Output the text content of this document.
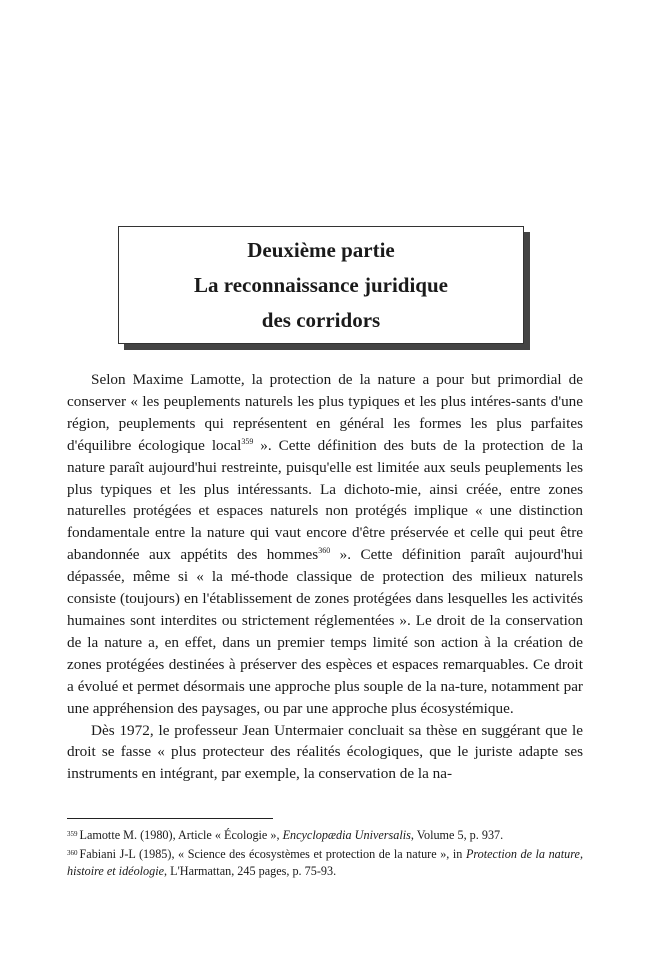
Deuxième partie
La reconnaissance juridique
des corridors

Selon Maxime Lamotte, la protection de la nature a pour but primordial de conserver « les peuplements naturels les plus typiques et les plus intéres-sants d'une région, peuplements qui représentent en général les formes les plus parfaites d'équilibre écologique local$^{359}$ ». Cette définition des buts de la protection de la nature paraît aujourd'hui restreinte, puisqu'elle est limitée aux seuls peuplements les plus typiques et les plus intéressants. La dichoto-mie, ainsi créée, entre zones naturelles protégées et espaces naturels non protégés implique « une distinction fondamentale entre la nature qui vaut encore d'être préservée et celle qui peut être abandonnée aux appétits des hommes$^{360}$ ». Cette définition paraît aujourd'hui dépassée, même si « la mé-thode classique de protection des milieux naturels consiste (toujours) en l'établissement de zones protégées dans lesquelles les activités humaines sont interdites ou strictement réglementées ». Le droit de la conservation de la nature a, en effet, dans un premier temps limité son action à la création de zones protégées destinées à préserver des espèces et espaces remarquables. Ce droit a évolué et permet désormais une approche plus souple de la na-ture, notamment par une appréhension des paysages, ou par une approche plus écosystémique.

Dès 1972, le professeur Jean Untermaier concluait sa thèse en suggérant que le droit se fasse « plus protecteur des réalités écologiques, que le juriste adapte ses instruments en intégrant, par exemple, la conservation de la na-

$^{359}$ Lamotte M. (1980), Article « Écologie », Encyclopædia Universalis, Volume 5, p. 937.

$^{360}$ Fabiani J-L (1985), « Science des écosystèmes et protection de la nature », in Protection de la nature, histoire et idéologie, L'Harmattan, 245 pages, p. 75-93.
